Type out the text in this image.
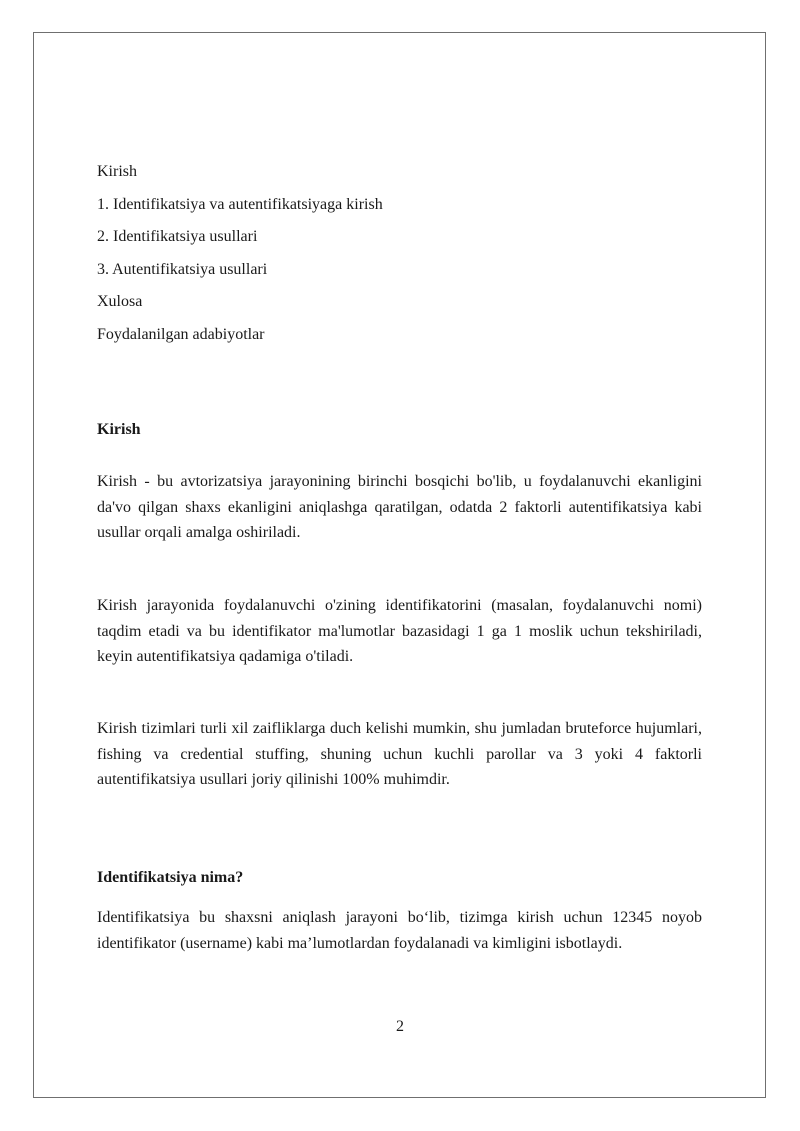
Kirish
1. Identifikatsiya va autentifikatsiyaga kirish
2. Identifikatsiya usullari
3. Autentifikatsiya usullari
Xulosa
Foydalanilgan adabiyotlar
Kirish

Kirish - bu avtorizatsiya jarayonining birinchi bosqichi bo'lib, u foydalanuvchi ekanligini da'vo qilgan shaxs ekanligini aniqlashga qaratilgan, odatda 2 faktorli autentifikatsiya kabi usullar orqali amalga oshiriladi.

Kirish jarayonida foydalanuvchi o'zining identifikatorini (masalan, foydalanuvchi nomi) taqdim etadi va bu identifikator ma'lumotlar bazasidagi 1 ga 1 moslik uchun tekshiriladi, keyin autentifikatsiya qadamiga o'tiladi.

Kirish tizimlari turli xil zaifliklarga duch kelishi mumkin, shu jumladan bruteforce hujumlari, fishing va credential stuffing, shuning uchun kuchli parollar va 3 yoki 4 faktorli autentifikatsiya usullari joriy qilinishi 100% muhimdir.

Identifikatsiya nima?

Identifikatsiya bu shaxsni aniqlash jarayoni bo‘lib, tizimga kirish uchun 12345 noyob identifikator (username) kabi ma’lumotlardan foydalanadi va kimligini isbotlaydi.

2
